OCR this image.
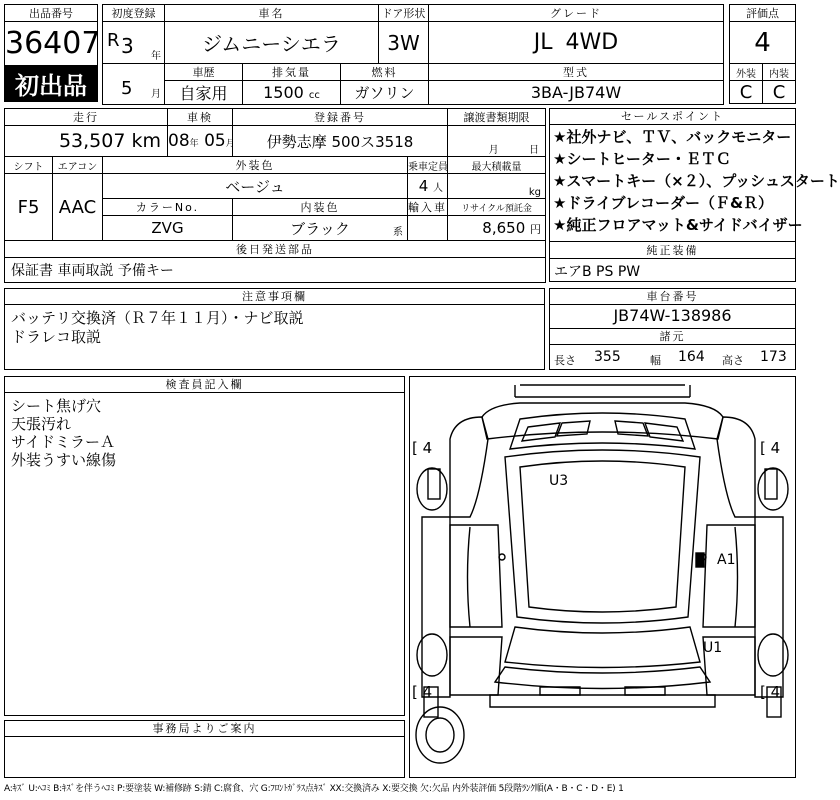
出品番号
36407
初出品
初度登録	車名			ドア形状	グレード

R 3 年	ジムニーシエラ			3W	JL 4WD

5 月	車歴	排気量	燃料		型式
	自家用	1500 cc	ガソリン		3BA-JB74W
評価点	
4	
外装	内装
C	C
走行			車検	登録番号		譲渡書類期限
53,507 km			08年 05月	伊勢志摩 500ス3518		月 日
シフト	エアコン	外装色			乗車定員	最大積載量
F5	AAC	ベージュ			4 人	kg
		カラーNo.		内装色	輸入車	リサイクル預託金
		ZVG		ブラック 系		8,650 円
後日発送部品						
保証書 車両取説 予備キー						
セールスポイント
★社外ナビ、ＴＶ、バックモニター
★シートヒーター・ＥＴＣ
★スマートキー（×２）、プッシュスタート
★ドライブレコーダー（Ｆ&Ｒ）
★純正フロアマット&サイドバイザー
純正装備
エアB PS PW
注意事項欄
バッテリ交換済（Ｒ７年１１月）・ナビ取説
ドラレコ取説
車台番号
JB74W-138986
諸元
長さ 355	幅 164 高さ 173
検査員記入欄
シート焦げ穴
天張汚れ
サイドミラーＡ
外装うすい線傷
事務局よりご案内
[ 4	[ 4
[ 4	[ 4
U3
A1
U1
A:ｷｽﾞ U:ﾍｺﾐ B:ｷｽﾞを伴うﾍｺﾐ P:要塗装 W:補修跡 S:錆 C:腐食、穴 G:ﾌﾛﾝﾄｶﾞﾗｽ点ｷｽﾞ XX:交換済み X:要交換 欠:欠品 内外装評価 5段階ﾗﾝｸ順(A・B・C・D・E) 1
